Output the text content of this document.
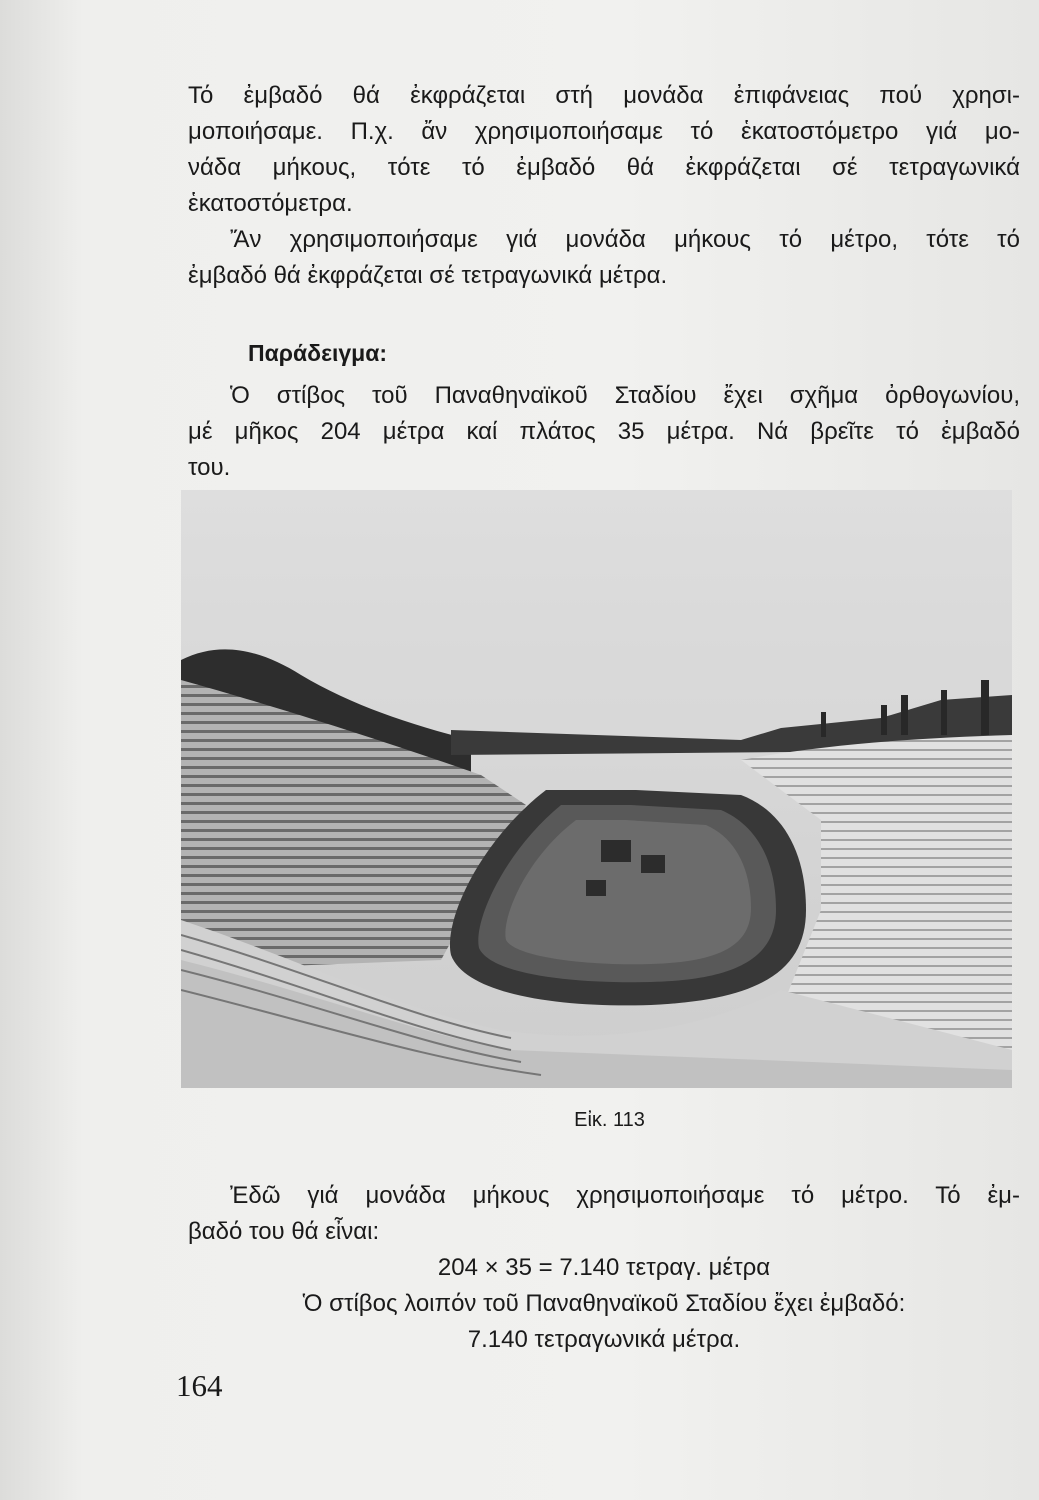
Τό ἐμβαδό θά ἐκφράζεται στή μονάδα ἐπιφάνειας πού χρησι-
μοποιήσαμε. Π.χ. ἄν χρησιμοποιήσαμε τό ἑκατοστόμετρο γιά μο-
νάδα μήκους, τότε τό ἐμβαδό θά ἐκφράζεται σέ τετραγωνικά
ἑκατοστόμετρα.
Ἄν χρησιμοποιήσαμε γιά μονάδα μήκους τό μέτρο, τότε τό
ἐμβαδό θά ἐκφράζεται σέ τετραγωνικά μέτρα.
Παράδειγμα:
Ὁ στίβος τοῦ Παναθηναϊκοῦ Σταδίου ἔχει σχῆμα ὀρθογωνίου,
μέ μῆκος 204 μέτρα καί πλάτος 35 μέτρα. Νά βρεῖτε τό ἐμβαδό
του.
Εἰκ. 113
Ἐδῶ γιά μονάδα μήκους χρησιμοποιήσαμε τό μέτρο. Τό ἐμ-
βαδό του θά εἶναι:
204 × 35 = 7.140 τετραγ. μέτρα
Ὁ στίβος λοιπόν τοῦ Παναθηναϊκοῦ Σταδίου ἔχει ἐμβαδό:
7.140 τετραγωνικά μέτρα.
164
